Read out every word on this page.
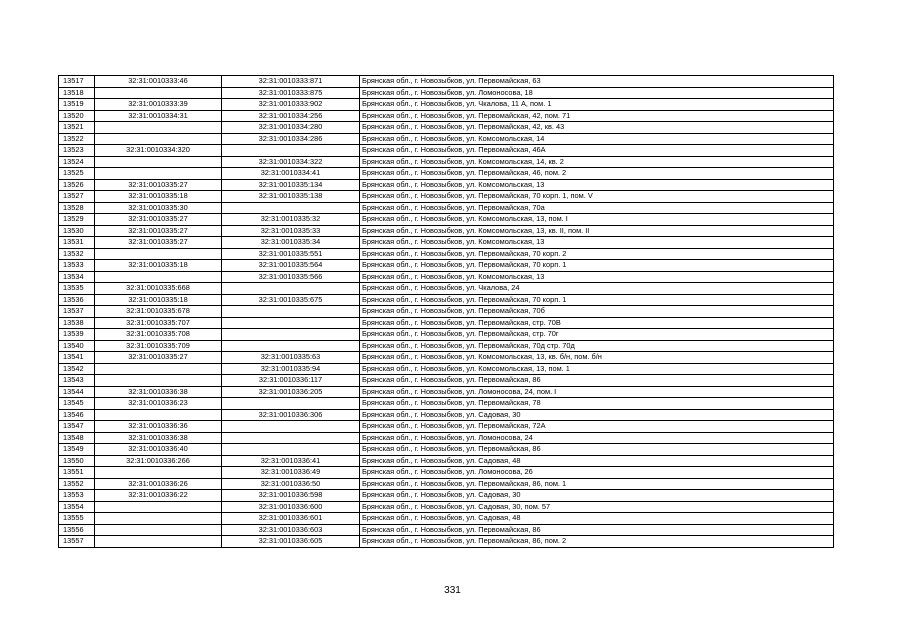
13517	32:31:0010333:46	32:31:0010333:871	Брянская обл., г. Новозыбков, ул. Первомайская, 63
13518		32:31:0010333:875	Брянская обл., г. Новозыбков, ул. Ломоносова, 18
13519	32:31:0010333:39	32:31:0010333:902	Брянская обл., г. Новозыбков, ул. Чкалова, 11 А, пом. 1
13520	32:31:0010334:31	32:31:0010334:256	Брянская обл., г. Новозыбков, ул. Первомайская, 42, пом. 71
13521		32:31:0010334:280	Брянская обл., г. Новозыбков, ул. Первомайская, 42, кв. 43
13522		32:31:0010334:286	Брянская обл., г. Новозыбков, ул. Комсомольская, 14
13523	32:31:0010334:320		Брянская обл., г. Новозыбков, ул. Первомайская, 46А
13524		32:31:0010334:322	Брянская обл., г. Новозыбков, ул. Комсомольская, 14, кв. 2
13525		32:31:0010334:41	Брянская обл., г. Новозыбков, ул. Первомайская, 46, пом. 2
13526	32:31:0010335:27	32:31:0010335:134	Брянская обл., г. Новозыбков, ул. Комсомольская, 13
13527	32:31:0010335:18	32:31:0010335:138	Брянская обл., г. Новозыбков, ул. Первомайская, 70 корп. 1, пом. V
13528	32:31:0010335:30		Брянская обл., г. Новозыбков, ул. Первомайская, 70а
13529	32:31:0010335:27	32:31:0010335:32	Брянская обл., г. Новозыбков, ул. Комсомольская, 13, пом. I
13530	32:31:0010335:27	32:31:0010335:33	Брянская обл., г. Новозыбков, ул. Комсомольская, 13, кв. II, пом. II
13531	32:31:0010335:27	32:31:0010335:34	Брянская обл., г. Новозыбков, ул. Комсомольская, 13
13532		32:31:0010335:551	Брянская обл., г. Новозыбков, ул. Первомайская, 70 корп. 2
13533	32:31:0010335:18	32:31:0010335:564	Брянская обл., г. Новозыбков, ул. Первомайская, 70 корп. 1
13534		32:31:0010335:566	Брянская обл., г. Новозыбков, ул. Комсомольская, 13
13535	32:31:0010335:668		Брянская обл., г. Новозыбков, ул. Чкалова, 24
13536	32:31:0010335:18	32:31:0010335:675	Брянская обл., г. Новозыбков, ул. Первомайская, 70 корп. 1
13537	32:31:0010335:678		Брянская обл., г. Новозыбков, ул. Первомайская, 70б
13538	32:31:0010335:707		Брянская обл., г. Новозыбков, ул. Первомайская, стр. 70В
13539	32:31:0010335:708		Брянская обл., г. Новозыбков, ул. Первомайская, стр. 70г
13540	32:31:0010335:709		Брянская обл., г. Новозыбков, ул. Первомайская, 70д стр. 70д
13541	32:31:0010335:27	32:31:0010335:63	Брянская обл., г. Новозыбков, ул. Комсомольская, 13, кв. б/н, пом. б/н
13542		32:31:0010335:94	Брянская обл., г. Новозыбков, ул. Комсомольская, 13, пом. 1
13543		32:31:0010336:117	Брянская обл., г. Новозыбков, ул. Первомайская, 86
13544	32:31:0010336:38	32:31:0010336:205	Брянская обл., г. Новозыбков, ул. Ломоносова, 24, пом. I
13545	32:31:0010336:23		Брянская обл., г. Новозыбков, ул. Первомайская, 78
13546		32:31:0010336:306	Брянская обл., г. Новозыбков, ул. Садовая, 30
13547	32:31:0010336:36		Брянская обл., г. Новозыбков, ул. Первомайская, 72А
13548	32:31:0010336:38		Брянская обл., г. Новозыбков, ул. Ломоносова, 24
13549	32:31:0010336:40		Брянская обл., г. Новозыбков, ул. Первомайская, 86
13550	32:31:0010336:266	32:31:0010336:41	Брянская обл., г. Новозыбков, ул. Садовая, 48
13551		32:31:0010336:49	Брянская обл., г. Новозыбков, ул. Ломоносова, 26
13552	32:31:0010336:26	32:31:0010336:50	Брянская обл., г. Новозыбков, ул. Первомайская, 86, пом. 1
13553	32:31:0010336:22	32:31:0010336:598	Брянская обл., г. Новозыбков, ул. Садовая, 30
13554		32:31:0010336:600	Брянская обл., г. Новозыбков, ул. Садовая, 30, пом. 57
13555		32:31:0010336:601	Брянская обл., г. Новозыбков, ул. Садовая, 48
13556		32:31:0010336:603	Брянская обл., г. Новозыбков, ул. Первомайская, 86
13557		32:31:0010336:605	Брянская обл., г. Новозыбков, ул. Первомайская, 86, пом. 2
331
